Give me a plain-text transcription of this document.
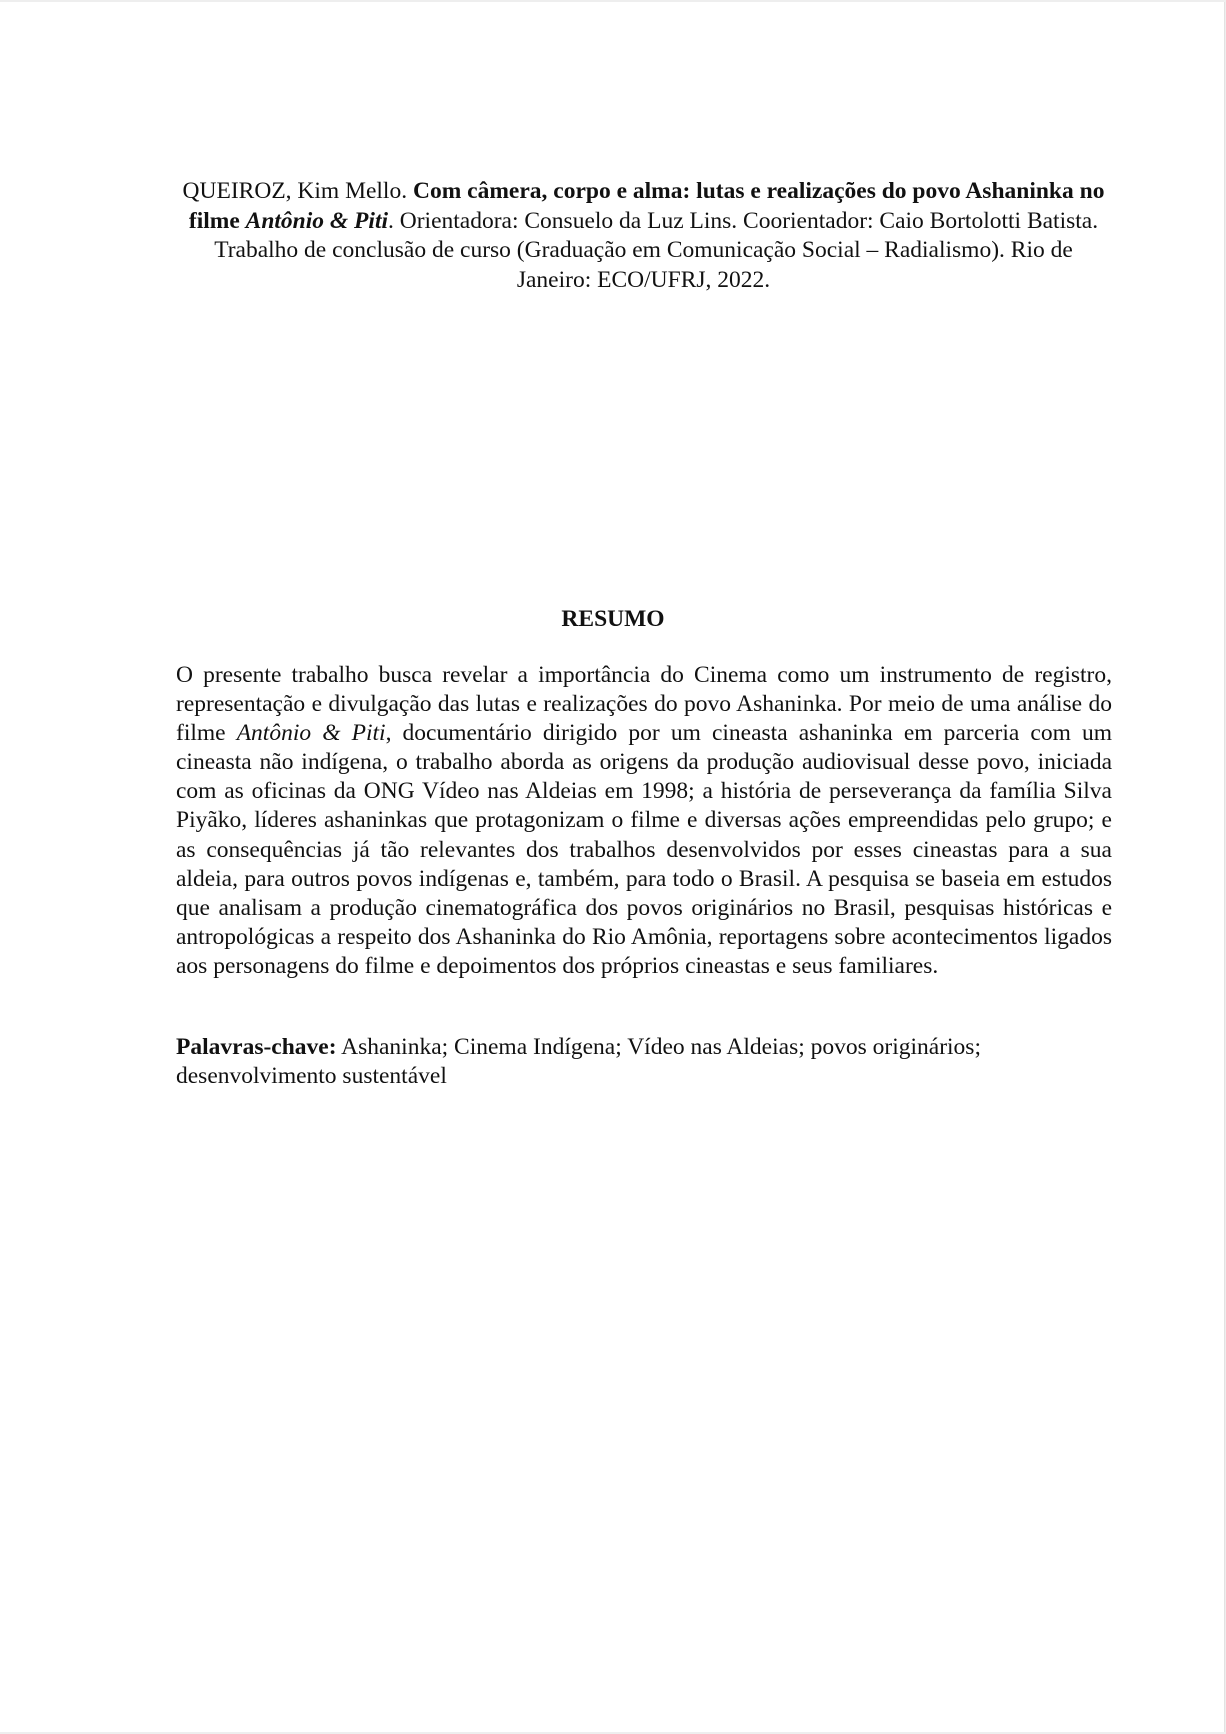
QUEIROZ, Kim Mello. Com câmera, corpo e alma: lutas e realizações do povo Ashaninka no filme Antônio & Piti. Orientadora: Consuelo da Luz Lins. Coorientador: Caio Bortolotti Batista. Trabalho de conclusão de curso (Graduação em Comunicação Social – Radialismo). Rio de Janeiro: ECO/UFRJ, 2022.

RESUMO

O presente trabalho busca revelar a importância do Cinema como um instrumento de registro, representação e divulgação das lutas e realizações do povo Ashaninka. Por meio de uma análise do filme Antônio & Piti, documentário dirigido por um cineasta ashaninka em parceria com um cineasta não indígena, o trabalho aborda as origens da produção audiovisual desse povo, iniciada com as oficinas da ONG Vídeo nas Aldeias em 1998; a história de perseverança da família Silva Piyãko, líderes ashaninkas que protagonizam o filme e diversas ações empreendidas pelo grupo; e as consequências já tão relevantes dos trabalhos desenvolvidos por esses cineastas para a sua aldeia, para outros povos indígenas e, também, para todo o Brasil. A pesquisa se baseia em estudos que analisam a produção cinematográfica dos povos originários no Brasil, pesquisas históricas e antropológicas a respeito dos Ashaninka do Rio Amônia, reportagens sobre acontecimentos ligados aos personagens do filme e depoimentos dos próprios cineastas e seus familiares.

Palavras-chave: Ashaninka; Cinema Indígena; Vídeo nas Aldeias; povos originários; desenvolvimento sustentável
